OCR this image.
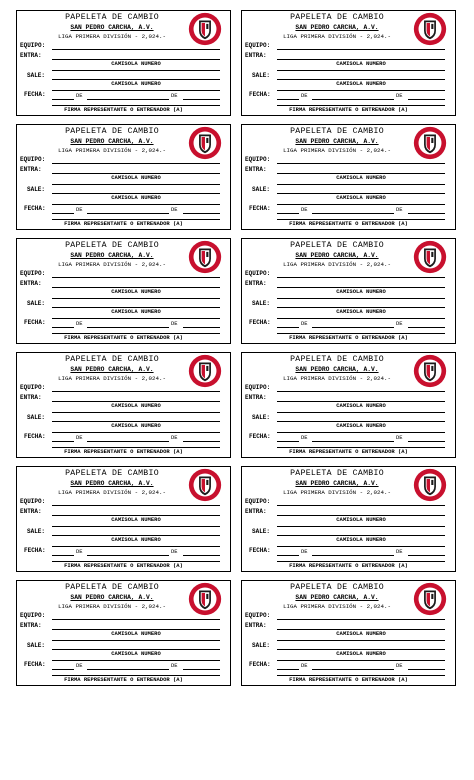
PAPELETA DE CAMBIO
SAN PEDRO CARCHA, A.V.
LIGA PRIMERA DIVISIÓN - 2,024.-
EQUIPO:
ENTRA:
CAMISOLA NUMERO
SALE:
CAMISOLA NUMERO
FECHA:	DE	DE
FIRMA REPRESENTANTE O ENTRENADOR (A)
PAPELETA DE CAMBIO
SAN PEDRO CARCHA, A.V.
LIGA PRIMERA DIVISIÓN - 2,024.-
EQUIPO:
ENTRA:
CAMISOLA NUMERO
SALE:
CAMISOLA NUMERO
FECHA:	DE	DE
FIRMA REPRESENTANTE O ENTRENADOR (A)
PAPELETA DE CAMBIO
SAN PEDRO CARCHA, A.V.
LIGA PRIMERA DIVISIÓN - 2,024.-
EQUIPO:
ENTRA:
CAMISOLA NUMERO
SALE:
CAMISOLA NUMERO
FECHA:	DE	DE
FIRMA REPRESENTANTE O ENTRENADOR (A)
PAPELETA DE CAMBIO
SAN PEDRO CARCHA, A.V.
LIGA PRIMERA DIVISIÓN - 2,024.-
EQUIPO:
ENTRA:
CAMISOLA NUMERO
SALE:
CAMISOLA NUMERO
FECHA:	DE	DE
FIRMA REPRESENTANTE O ENTRENADOR (A)
PAPELETA DE CAMBIO
SAN PEDRO CARCHA, A.V.
LIGA PRIMERA DIVISIÓN - 2,024.-
EQUIPO:
ENTRA:
CAMISOLA NUMERO
SALE:
CAMISOLA NUMERO
FECHA:	DE	DE
FIRMA REPRESENTANTE O ENTRENADOR (A)
PAPELETA DE CAMBIO
SAN PEDRO CARCHA, A.V.
LIGA PRIMERA DIVISIÓN - 2,024.-
EQUIPO:
ENTRA:
CAMISOLA NUMERO
SALE:
CAMISOLA NUMERO
FECHA:	DE	DE
FIRMA REPRESENTANTE O ENTRENADOR (A)
PAPELETA DE CAMBIO
SAN PEDRO CARCHA, A.V.
LIGA PRIMERA DIVISIÓN - 2,024.-
EQUIPO:
ENTRA:
CAMISOLA NUMERO
SALE:
CAMISOLA NUMERO
FECHA:	DE	DE
FIRMA REPRESENTANTE O ENTRENADOR (A)
PAPELETA DE CAMBIO
SAN PEDRO CARCHA, A.V.
LIGA PRIMERA DIVISIÓN - 2,024.-
EQUIPO:
ENTRA:
CAMISOLA NUMERO
SALE:
CAMISOLA NUMERO
FECHA:	DE	DE
FIRMA REPRESENTANTE O ENTRENADOR (A)
PAPELETA DE CAMBIO
SAN PEDRO CARCHA, A.V.
LIGA PRIMERA DIVISIÓN - 2,024.-
EQUIPO:
ENTRA:
CAMISOLA NUMERO
SALE:
CAMISOLA NUMERO
FECHA:	DE	DE
FIRMA REPRESENTANTE O ENTRENADOR (A)
PAPELETA DE CAMBIO
SAN PEDRO CARCHA, A.V.
LIGA PRIMERA DIVISIÓN - 2,024.-
EQUIPO:
ENTRA:
CAMISOLA NUMERO
SALE:
CAMISOLA NUMERO
FECHA:	DE	DE
FIRMA REPRESENTANTE O ENTRENADOR (A)
PAPELETA DE CAMBIO
SAN PEDRO CARCHA, A.V.
LIGA PRIMERA DIVISIÓN - 2,024.-
EQUIPO:
ENTRA:
CAMISOLA NUMERO
SALE:
CAMISOLA NUMERO
FECHA:	DE	DE
FIRMA REPRESENTANTE O ENTRENADOR (A)
PAPELETA DE CAMBIO
SAN PEDRO CARCHA, A.V.
LIGA PRIMERA DIVISIÓN - 2,024.-
EQUIPO:
ENTRA:
CAMISOLA NUMERO
SALE:
CAMISOLA NUMERO
FECHA:	DE	DE
FIRMA REPRESENTANTE O ENTRENADOR (A)
